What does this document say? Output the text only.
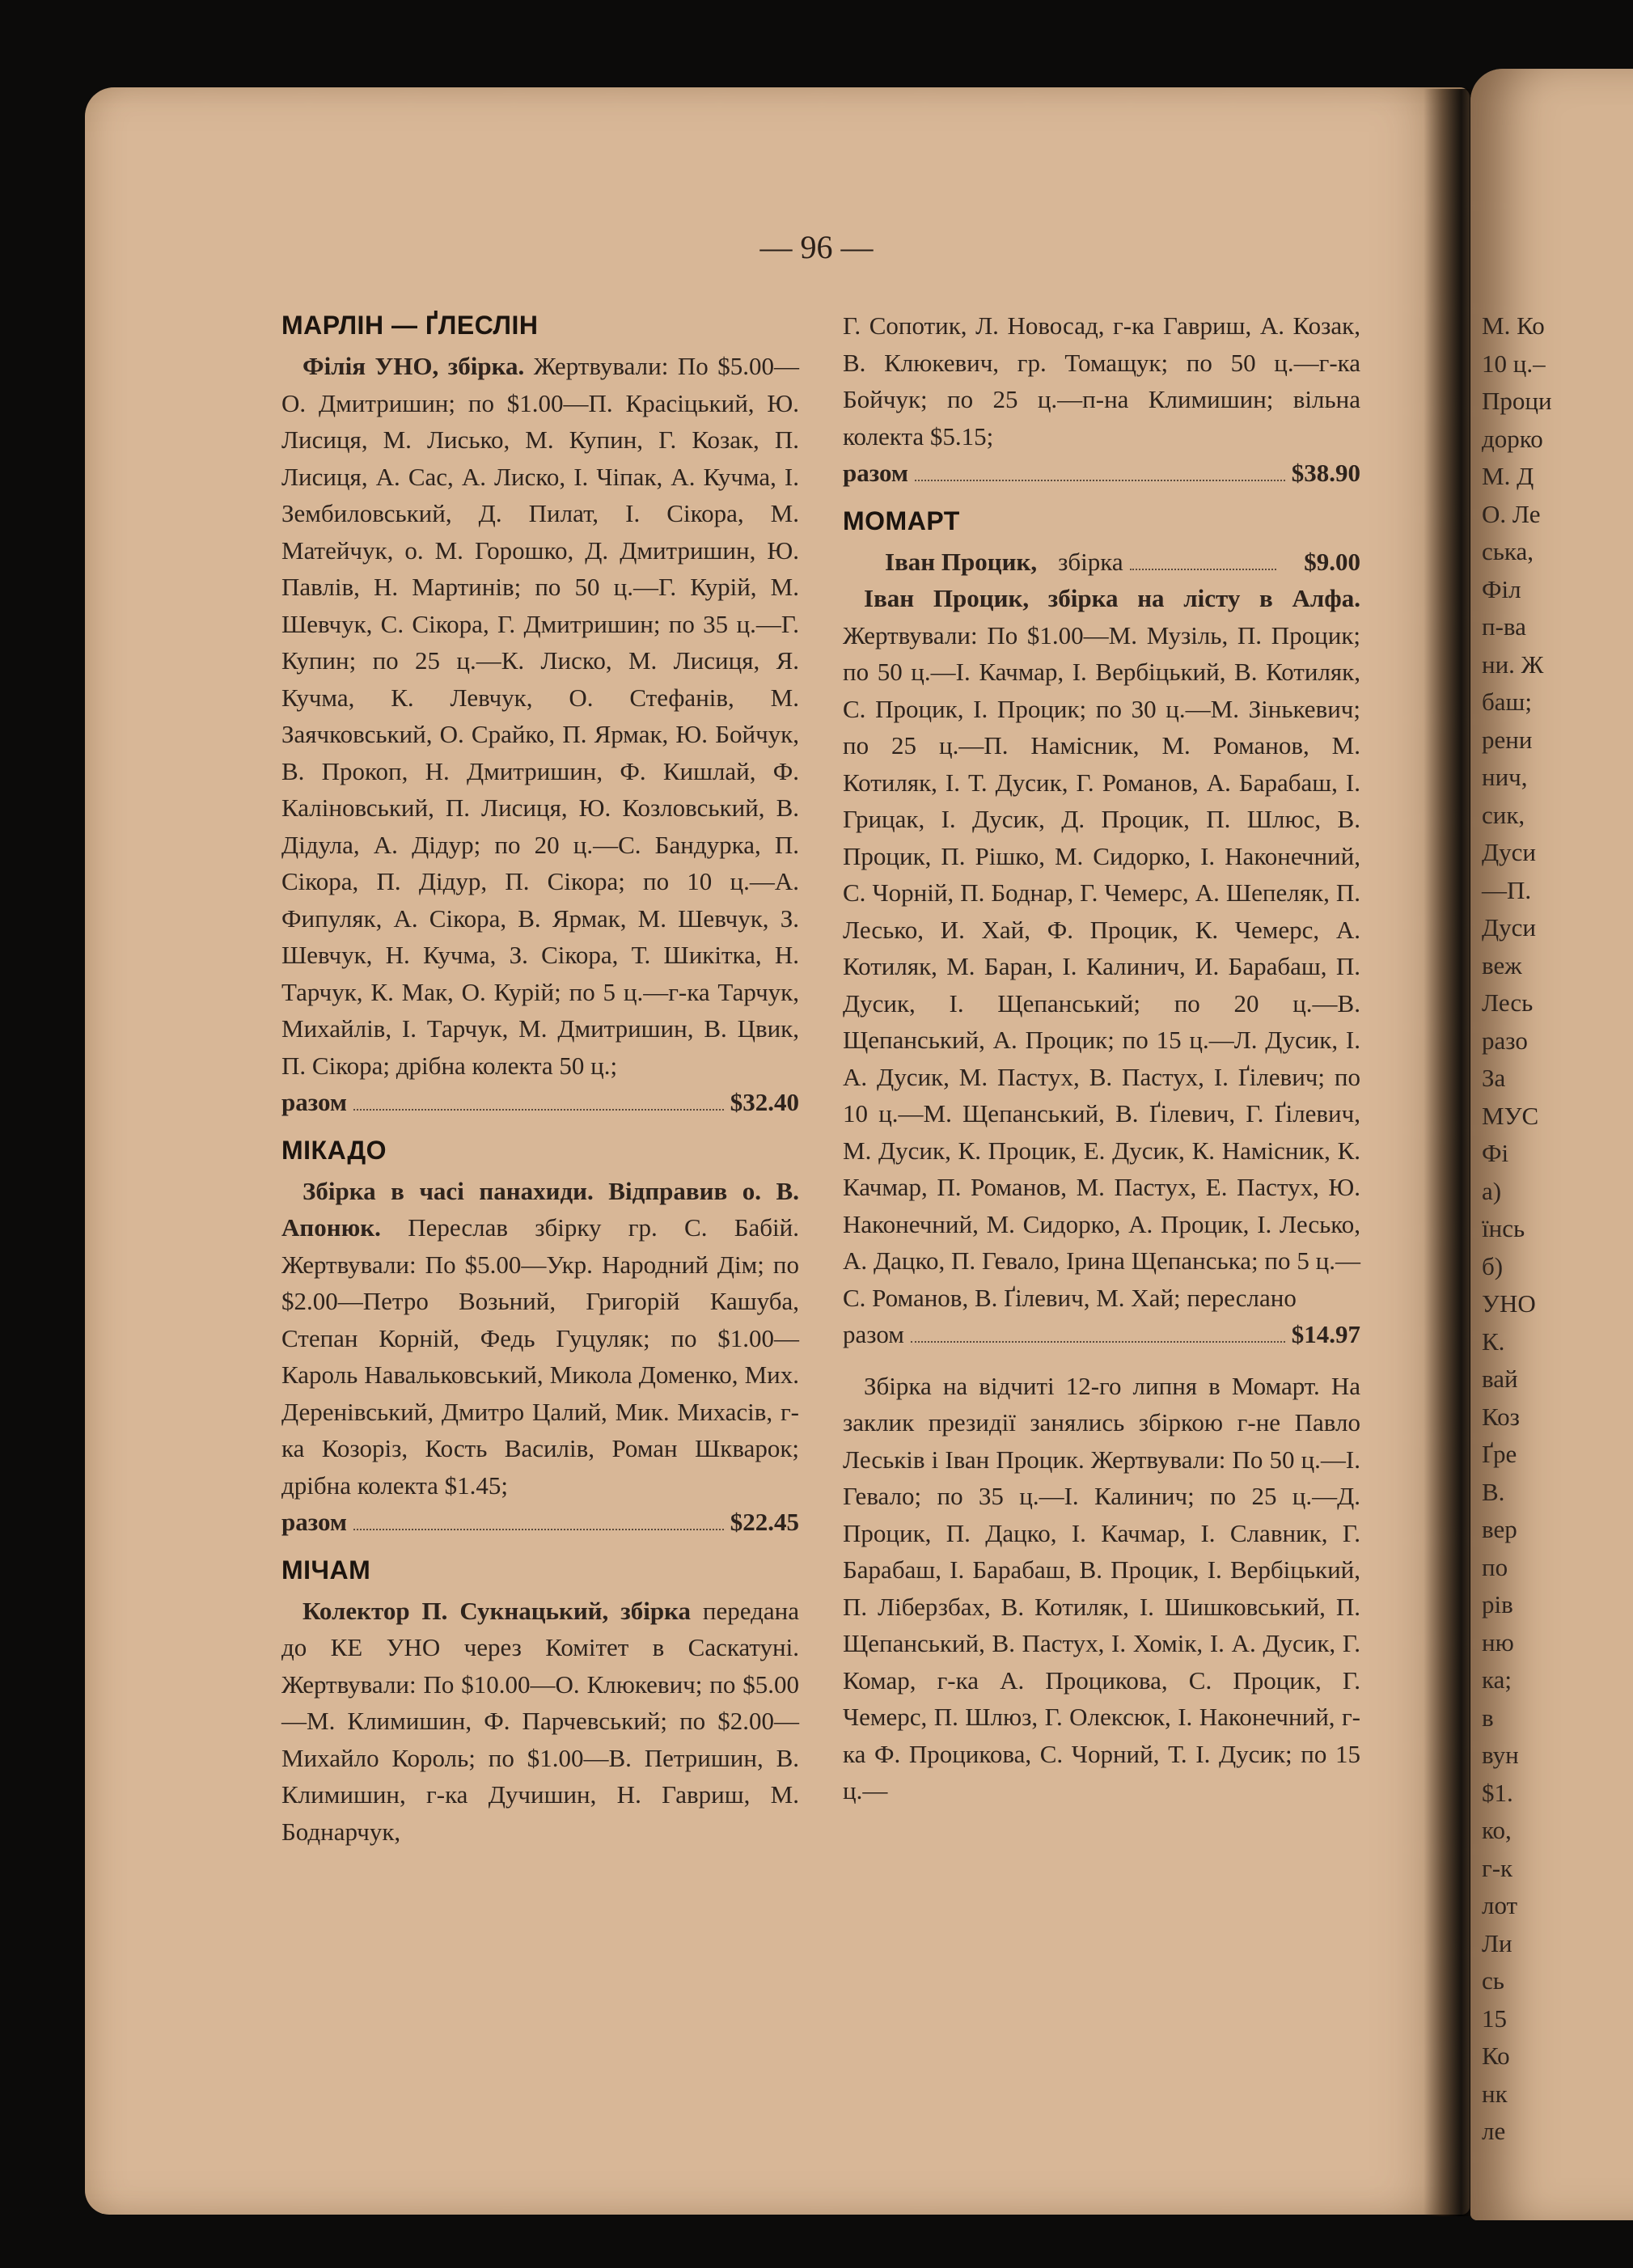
М. Ко
10 ц.–
Проци
дорко
М. Д
О. Ле
ська,
Філ
п-ва
ни. Ж
баш;
рени
нич,
сик,
Дуси
—П.
Дуси
веж
Лесь
разо
За
МУС
Фі
а)
їнсь
б)
УНО
К.
вай
Коз
Ґре
В.
вер
по
рів
ню
ка;
в
вун
$1.
ко,
г-к
лот
Ли
сь
15
Ко
нк
ле
— 96 —
МАРЛІН — ҐЛЕСЛІН

Філія УНО, збірка. Жертвували: По $5.00—О. Дмитришин; по $1.00—П. Красіцький, Ю. Лисиця, М. Лисько, М. Купин, Г. Козак, П. Лисиця, А. Сас, А. Лиско, І. Чіпак, А. Кучма, І. Зембиловський, Д. Пилат, І. Сікора, М. Матейчук, о. М. Горошко, Д. Дмитришин, Ю. Павлів, Н. Мартинів; по 50 ц.—Г. Курій, М. Шевчук, С. Сікора, Г. Дмитришин; по 35 ц.—Г. Купин; по 25 ц.—К. Лиско, М. Лисиця, Я. Кучма, К. Левчук, О. Стефанів, М. Заячковський, О. Срайко, П. Ярмак, Ю. Бойчук, В. Прокоп, Н. Дмитришин, Ф. Кишлай, Ф. Каліновський, П. Лисиця, Ю. Козловський, В. Дідула, А. Дідур; по 20 ц.—С. Бандурка, П. Сікора, П. Дідур, П. Сікора; по 10 ц.—А. Фипуляк, А. Сікора, В. Ярмак, М. Шевчук, З. Шевчук, Н. Кучма, З. Сікора, Т. Шикітка, Н. Тарчук, К. Мак, О. Курій; по 5 ц.—г-ка Тарчук, Михайлів, І. Тарчук, М. Дмитришин, В. Цвик, П. Сікора; дрібна колекта 50 ц.;

разом	$32.40
МІКАДО

Збірка в часі панахиди. Відправив о. В. Апонюк. Переслав збірку гр. С. Бабій. Жертвували: По $5.00—Укр. Народний Дім; по $2.00—Петро Возьний, Григорій Кашуба, Степан Корній, Федь Гуцуляк; по $1.00—Кароль Навальковський, Микола Доменко, Мих. Деренівський, Дмитро Цалий, Мик. Михасів, г-ка Козоріз, Кость Василів, Роман Шкварок; дрібна колекта $1.45;

разом	$22.45
МІЧАМ

Колектор П. Сукнацький, збірка передана до КЕ УНО через Комітет в Саскатуні. Жертвували: По $10.00—О. Клюкевич; по $5.00—М. Климишин, Ф. Парчевський; по $2.00—Михайло Король; по $1.00—В. Петришин, В. Климишин, г-ка Дучишин, Н. Гавриш, М. Боднарчук,

Г. Сопотик, Л. Новосад, г-ка Гавриш, А. Козак, В. Клюкевич, гр. Томащук; по 50 ц.—г-ка Бойчук; по 25 ц.—п-на Климишин; вільна колекта $5.15;

разом	$38.90
МОМАРТ
Іван Процик, збірка	$9.00

Іван Процик, збірка на лісту в Алфа. Жертвували: По $1.00—М. Музіль, П. Процик; по 50 ц.—І. Качмар, І. Вербіцький, В. Котиляк, С. Процик, І. Процик; по 30 ц.—М. Зінькевич; по 25 ц.—П. Намісник, М. Романов, М. Котиляк, І. Т. Дусик, Г. Романов, А. Барабаш, І. Грицак, І. Дусик, Д. Процик, П. Шлюс, В. Процик, П. Рішко, М. Сидорко, І. Наконечний, С. Чорній, П. Боднар, Г. Чемерс, А. Шепеляк, П. Лесько, И. Хай, Ф. Процик, К. Чемерс, А. Котиляк, М. Баран, І. Калинич, И. Барабаш, П. Дусик, І. Щепанський; по 20 ц.—В. Щепанський, А. Процик; по 15 ц.—Л. Дусик, І. А. Дусик, М. Пастух, В. Пастух, І. Ґілевич; по 10 ц.—М. Щепанський, В. Ґілевич, Г. Ґілевич, М. Дусик, К. Процик, Е. Дусик, К. Намісник, К. Качмар, П. Романов, М. Пастух, Е. Пастух, Ю. Наконечний, М. Сидорко, А. Процик, І. Лесько, А. Дацко, П. Гевало, Ірина Щепанська; по 5 ц.—С. Романов, В. Ґілевич, М. Хай; переслано

разом	$14.97

Збірка на відчиті 12-го липня в Момарт. На заклик президії занялись збіркою г-не Павло Леськів і Іван Процик. Жертвували: По 50 ц.—І. Гевало; по 35 ц.—І. Калинич; по 25 ц.—Д. Процик, П. Дацко, І. Качмар, І. Славник, Г. Барабаш, І. Барабаш, В. Процик, І. Вербіцький, П. Ліберзбах, В. Котиляк, І. Шишковський, П. Щепанський, В. Пастух, І. Хомік, І. А. Дусик, Г. Комар, г-ка А. Процикова, С. Процик, Г. Чемерс, П. Шлюз, Г. Олексюк, І. Наконечний, г-ка Ф. Процикова, С. Чорний, Т. І. Дусик; по 15 ц.—
